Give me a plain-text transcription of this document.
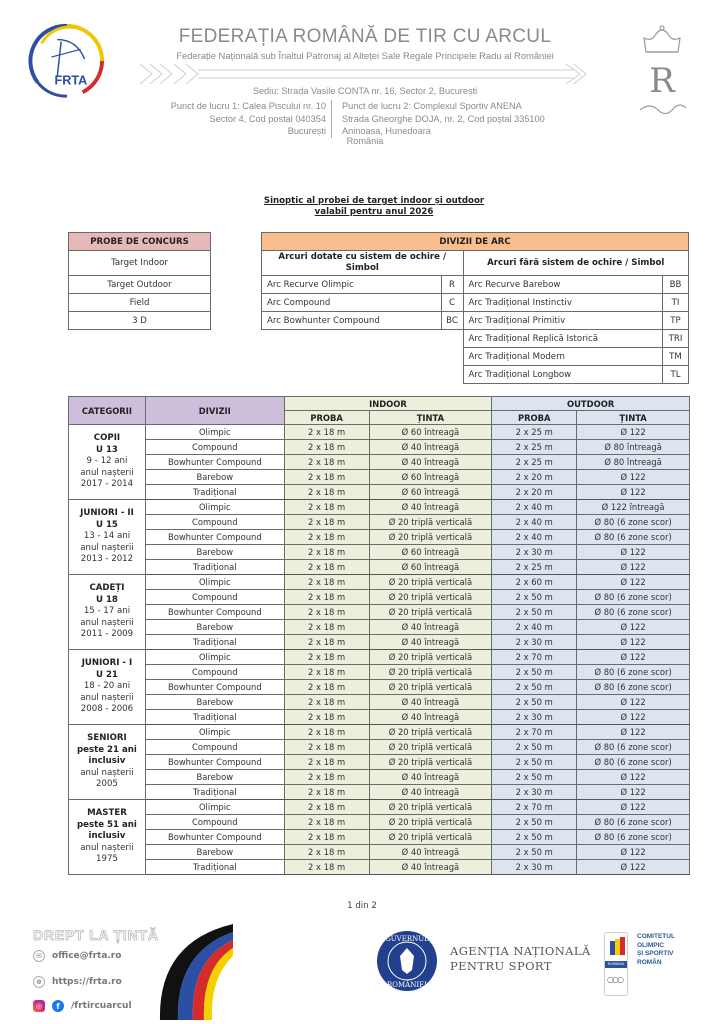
FRTA
FEDERAȚIA ROMÂNĂ DE TIR CU ARCUL
Federație Națională sub Înaltul Patronaj al Alteței Sale Regale Principele Radu al României
Sediu: Strada Vasile CONTA nr. 16, Sector 2, București
Punct de lucru 1: Calea Piscului nr. 10
Sector 4, Cod postal 040354
București
Punct de lucru 2: Complexul Sportiv ANENA
Strada Gheorghe DOJA, nr. 2, Cod poștal 335100
Aninoasa, Hunedoara
România
R
Sinoptic al probei de target indoor și outdoor
valabil pentru anul 2026
PROBE DE CONCURS
Target Indoor
Target Outdoor
Field
3 D
DIVIZII DE ARC			
Arcuri dotate cu sistem de ochire / Simbol		Arcuri fără sistem de ochire / Simbol	
Arc Recurve Olimpic	R	Arc Recurve Barebow	BB
Arc Compound	C	Arc Tradițional Instinctiv	TI
Arc Bowhunter Compound	BC	Arc Tradițional Primitiv	TP
		Arc Tradițional Replică Istorică	TRI
		Arc Tradițional Modern	TM
		Arc Tradițional Longbow	TL
CATEGORII	DIVIZII	INDOOR		OUTDOOR	
		PROBA	ȚINTA	PROBA	ȚINTA

COPII
U 13
9 - 12 ani
anul nașterii
2017 - 2014	Olimpic	2 x 18 m	Ø 60 întreagă	2 x 25 m	Ø 122
	Compound	2 x 18 m	Ø 40 întreagă	2 x 25 m	Ø 80 întreagă
	Bowhunter Compound	2 x 18 m	Ø 40 întreagă	2 x 25 m	Ø 80 întreagă
	Barebow	2 x 18 m	Ø 60 întreagă	2 x 20 m	Ø 122
	Tradițional	2 x 18 m	Ø 60 întreagă	2 x 20 m	Ø 122

JUNIORI - II
U 15
13 - 14 ani
anul nașterii
2013 - 2012	Olimpic	2 x 18 m	Ø 40 întreagă	2 x 40 m	Ø 122 întreagă
	Compound	2 x 18 m	Ø 20 triplă verticală	2 x 40 m	Ø 80 (6 zone scor)
	Bowhunter Compound	2 x 18 m	Ø 20 triplă verticală	2 x 40 m	Ø 80 (6 zone scor)
	Barebow	2 x 18 m	Ø 60 întreagă	2 x 30 m	Ø 122
	Tradițional	2 x 18 m	Ø 60 întreagă	2 x 25 m	Ø 122

CADEȚI
U 18
15 - 17 ani
anul nașterii
2011 - 2009	Olimpic	2 x 18 m	Ø 20 triplă verticală	2 x 60 m	Ø 122
	Compound	2 x 18 m	Ø 20 triplă verticală	2 x 50 m	Ø 80 (6 zone scor)
	Bowhunter Compound	2 x 18 m	Ø 20 triplă verticală	2 x 50 m	Ø 80 (6 zone scor)
	Barebow	2 x 18 m	Ø 40 întreagă	2 x 40 m	Ø 122
	Tradițional	2 x 18 m	Ø 40 întreagă	2 x 30 m	Ø 122

JUNIORI - I
U 21
18 - 20 ani
anul nașterii
2008 - 2006	Olimpic	2 x 18 m	Ø 20 triplă verticală	2 x 70 m	Ø 122
	Compound	2 x 18 m	Ø 20 triplă verticală	2 x 50 m	Ø 80 (6 zone scor)
	Bowhunter Compound	2 x 18 m	Ø 20 triplă verticală	2 x 50 m	Ø 80 (6 zone scor)
	Barebow	2 x 18 m	Ø 40 întreagă	2 x 50 m	Ø 122
	Tradițional	2 x 18 m	Ø 40 întreagă	2 x 30 m	Ø 122

SENIORI
peste 21 ani
inclusiv
anul nașterii
2005	Olimpic	2 x 18 m	Ø 20 triplă verticală	2 x 70 m	Ø 122
	Compound	2 x 18 m	Ø 20 triplă verticală	2 x 50 m	Ø 80 (6 zone scor)
	Bowhunter Compound	2 x 18 m	Ø 20 triplă verticală	2 x 50 m	Ø 80 (6 zone scor)
	Barebow	2 x 18 m	Ø 40 întreagă	2 x 50 m	Ø 122
	Tradițional	2 x 18 m	Ø 40 întreagă	2 x 30 m	Ø 122

MASTER
peste 51 ani
inclusiv
anul nașterii
1975	Olimpic	2 x 18 m	Ø 20 triplă verticală	2 x 70 m	Ø 122
	Compound	2 x 18 m	Ø 20 triplă verticală	2 x 50 m	Ø 80 (6 zone scor)
	Bowhunter Compound	2 x 18 m	Ø 20 triplă verticală	2 x 50 m	Ø 80 (6 zone scor)
	Barebow	2 x 18 m	Ø 40 întreagă	2 x 50 m	Ø 122
	Tradițional	2 x 18 m	Ø 40 întreagă	2 x 30 m	Ø 122
1 din 2
DREPT LA ȚINTĂ
✉	office@frta.ro
⊕	https://frta.ro
◎	f	/frtircuarcul
GUVERNUL
ROMÂNIEI
AGENȚIA NAȚIONALĂ
PENTRU SPORT	ROMÂNIA
○○○
COMITETUL
OLIMPIC
ȘI SPORTIV
ROMÂN
